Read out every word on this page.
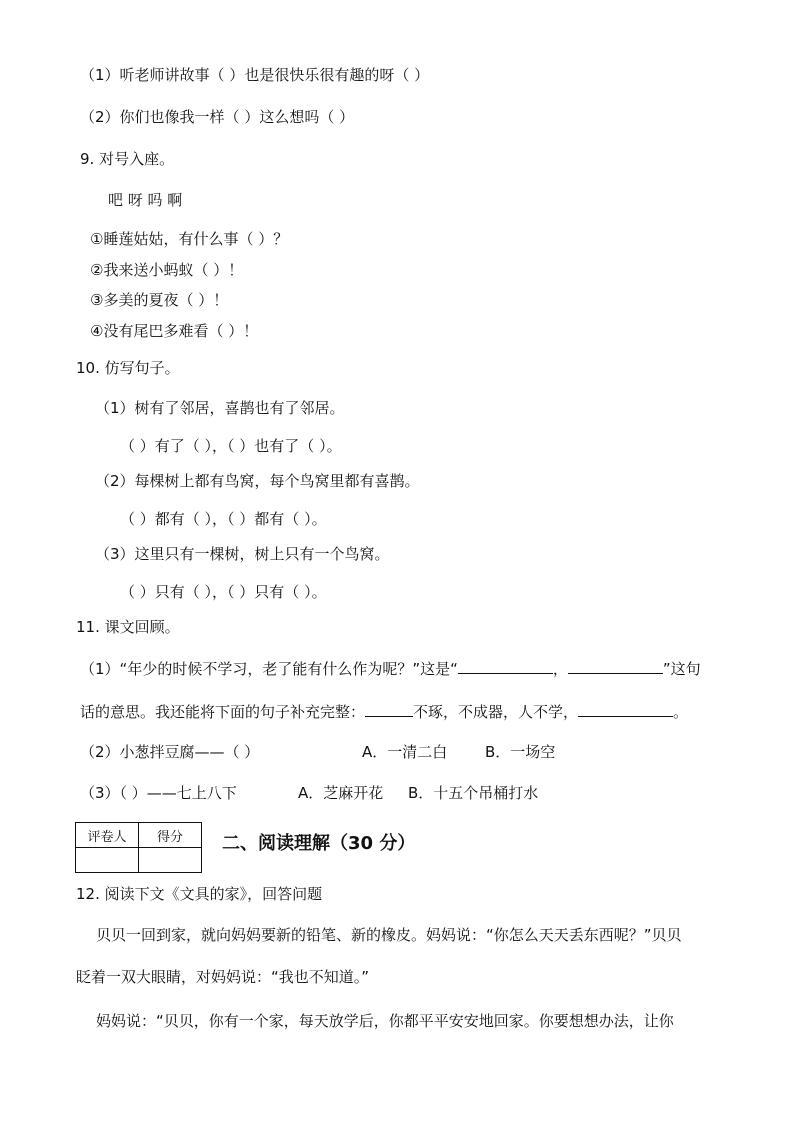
（1）听老师讲故事（ ）也是很快乐很有趣的呀（ ）
（2）你们也像我一样（ ）这么想吗（ ）
9. 对号入座。
吧 呀 吗 啊
①睡莲姑姑，有什么事（ ）？
②我来送小蚂蚁（ ）！
③多美的夏夜（ ）！
④没有尾巴多难看（ ）！
10. 仿写句子。
（1）树有了邻居，喜鹊也有了邻居。
（ ）有了（ ），（ ）也有了（ ）。
（2）每棵树上都有鸟窝，每个鸟窝里都有喜鹊。
（ ）都有（ ），（ ）都有（ ）。
（3）这里只有一棵树，树上只有一个鸟窝。
（ ）只有（ ），（ ）只有（ ）。
11. 课文回顾。
（1）“年少的时候不学习，老了能有什么作为呢？”这是“	，	”这句
话的意思。我还能将下面的句子补充完整：	不琢，不成器，人不学，	。
（2）小葱拌豆腐——（ ）	A．一清二白	B．一场空
（3）（ ）——七上八下	A．芝麻开花 B．十五个吊桶打水
评卷人	得分
	二、阅读理解（30 分）
12. 阅读下文《文具的家》，回答问题
贝贝一回到家，就向妈妈要新的铅笔、新的橡皮。妈妈说：“你怎么天天丢东西呢？”贝贝
眨着一双大眼睛，对妈妈说：“我也不知道。”
妈妈说：“贝贝，你有一个家，每天放学后，你都平平安安地回家。你要想想办法，让你
